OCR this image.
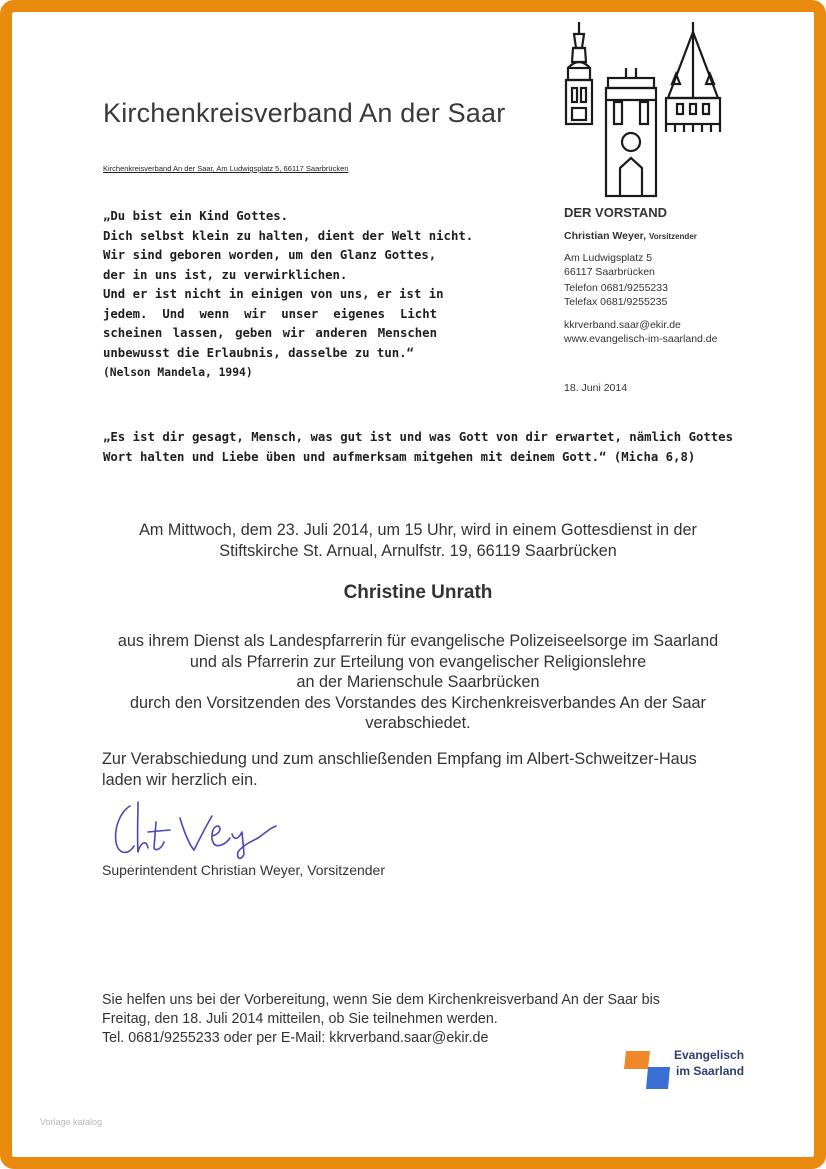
Kirchenkreisverband An der Saar
Kirchenkreisverband An der Saar, Am Ludwigsplatz 5, 66117 Saarbrücken
„Du bist ein Kind Gottes.
Dich selbst klein zu halten, dient der Welt nicht.
Wir sind geboren worden, um den Glanz Gottes,
der in uns ist, zu verwirklichen.
Und er ist nicht in einigen von uns, er ist in
jedem. Und wenn wir unser eigenes Licht
scheinen lassen, geben wir anderen Menschen
unbewusst die Erlaubnis, dasselbe zu tun.“
(Nelson Mandela, 1994)
DER VORSTAND
Christian Weyer, Vorsitzender
Am Ludwigsplatz 5
66117 Saarbrücken
Telefon 0681/9255233
Telefax 0681/9255235
kkrverband.saar@ekir.de
www.evangelisch-im-saarland.de
18. Juni 2014
„Es ist dir gesagt, Mensch, was gut ist und was Gott von dir erwartet, nämlich Gottes
Wort halten und Liebe üben und aufmerksam mitgehen mit deinem Gott.“ (Micha 6,8)
Am Mittwoch, dem 23. Juli 2014, um 15 Uhr, wird in einem Gottesdienst in der
Stiftskirche St. Arnual, Arnulfstr. 19, 66119 Saarbrücken
Christine Unrath
aus ihrem Dienst als Landespfarrerin für evangelische Polizeiseelsorge im Saarland
und als Pfarrerin zur Erteilung von evangelischer Religionslehre
an der Marienschule Saarbrücken
durch den Vorsitzenden des Vorstandes des Kirchenkreisverbandes An der Saar
verabschiedet.
Zur Verabschiedung und zum anschließenden Empfang im Albert-Schweitzer-Haus
laden wir herzlich ein.
Superintendent Christian Weyer, Vorsitzender
Sie helfen uns bei der Vorbereitung, wenn Sie dem Kirchenkreisverband An der Saar bis
Freitag, den 18. Juli 2014 mitteilen, ob Sie teilnehmen werden.
Tel. 0681/9255233 oder per E-Mail: kkrverband.saar@ekir.de
Evangelisch
im Saarland
Vorlage katalog
